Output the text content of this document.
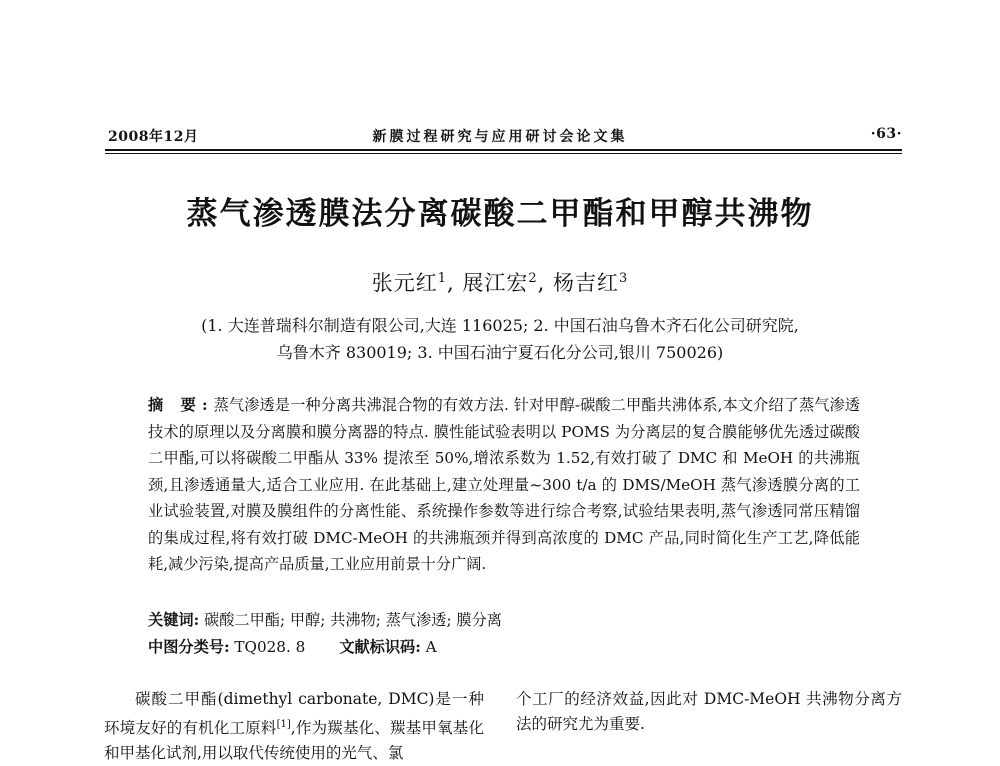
2008年12月	新膜过程研究与应用研讨会论文集	·63·
蒸气渗透膜法分离碳酸二甲酯和甲醇共沸物
张元红$^1$, 展江宏$^2$, 杨吉红$^3$
(1. 大连普瑞科尔制造有限公司,大连 116025; 2. 中国石油乌鲁木齐石化公司研究院,
乌鲁木齐 830019; 3. 中国石油宁夏石化分公司,银川 750026)

摘 要:蒸气渗透是一种分离共沸混合物的有效方法. 针对甲醇-碳酸二甲酯共沸体系,本文介绍了蒸气渗透技术的原理以及分离膜和膜分离器的特点. 膜性能试验表明以 POMS 为分离层的复合膜能够优先透过碳酸二甲酯,可以将碳酸二甲酯从 33% 提浓至 50%,增浓系数为 1.52,有效打破了 DMC 和 MeOH 的共沸瓶颈,且渗透通量大,适合工业应用. 在此基础上,建立处理量~300 t/a 的 DMS/MeOH 蒸气渗透膜分离的工业试验装置,对膜及膜组件的分离性能、系统操作参数等进行综合考察,试验结果表明,蒸气渗透同常压精馏的集成过程,将有效打破 DMC-MeOH 的共沸瓶颈并得到高浓度的 DMC 产品,同时简化生产工艺,降低能耗,减少污染,提高产品质量,工业应用前景十分广阔.

关键词: 碳酸二甲酯; 甲醇; 共沸物; 蒸气渗透; 膜分离
中图分类号: TQ028. 8 文献标识码: A

碳酸二甲酯(dimethyl carbonate, DMC)是一种环境友好的有机化工原料[1],作为羰基化、羰基甲氧基化和甲基化试剂,用以取代传统使用的光气、氯

个工厂的经济效益,因此对 DMC-MeOH 共沸物分离方法的研究尤为重要.
